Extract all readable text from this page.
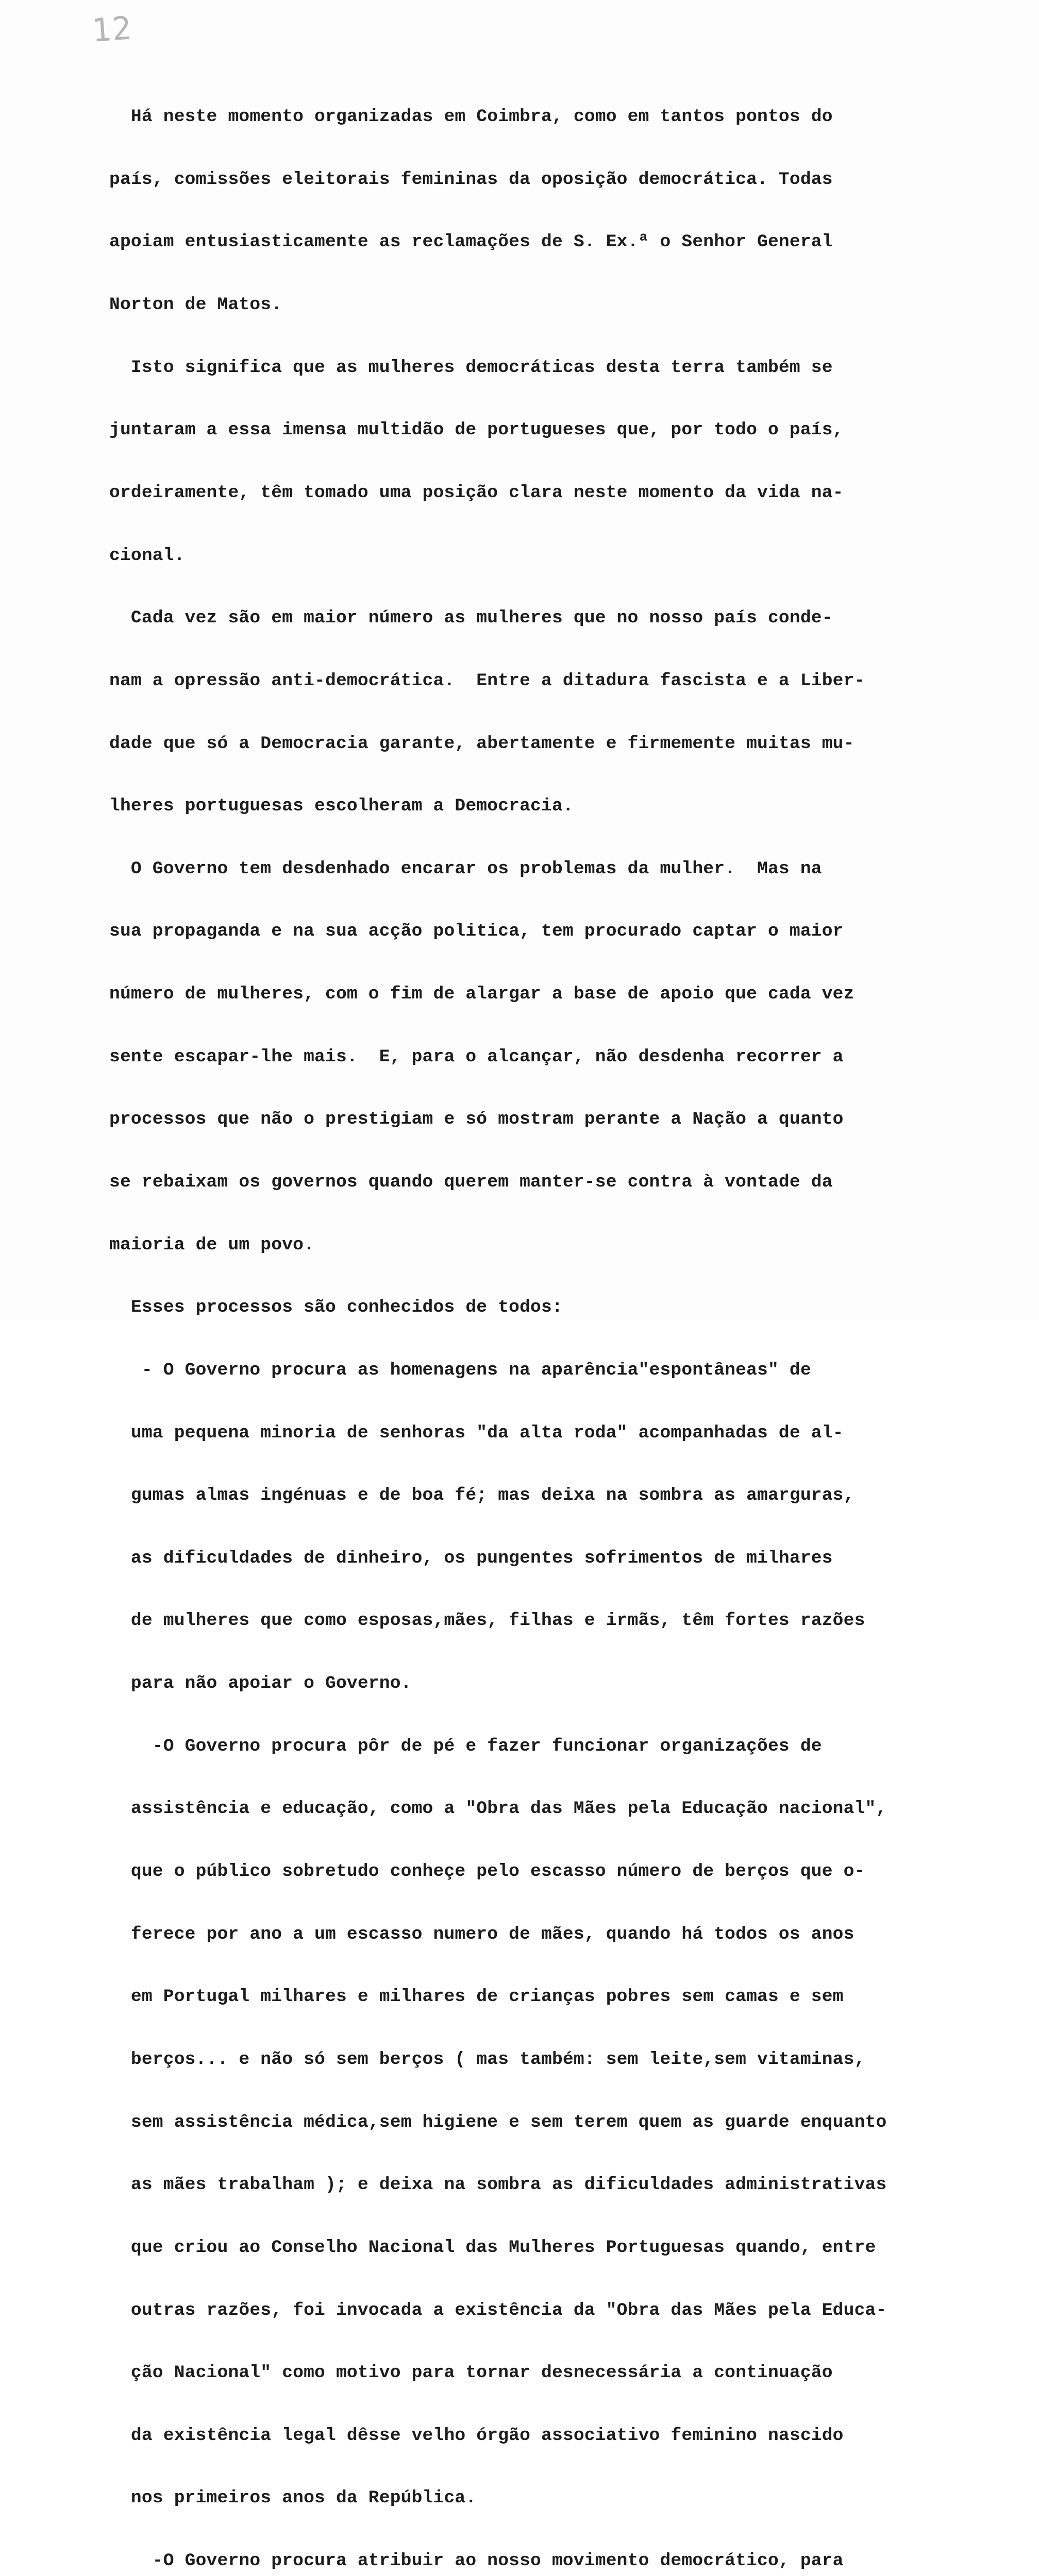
12

Há neste momento organizadas em Coimbra, como em tantos pontos do

país, comissões eleitorais femininas da oposição democrática. Todas

apoiam entusiasticamente as reclamações de S. Ex.ª o Senhor General

Norton de Matos.

Isto significa que as mulheres democráticas desta terra também se

juntaram a essa imensa multidão de portugueses que, por todo o país,

ordeiramente, têm tomado uma posição clara neste momento da vida na-

cional.

Cada vez são em maior número as mulheres que no nosso país conde-

nam a opressão anti-democrática.  Entre a ditadura fascista e a Liber-

dade que só a Democracia garante, abertamente e firmemente muitas mu-

lheres portuguesas escolheram a Democracia.

O Governo tem desdenhado encarar os problemas da mulher.  Mas na

sua propaganda e na sua acção politica, tem procurado captar o maior

número de mulheres, com o fim de alargar a base de apoio que cada vez

sente escapar-lhe mais.  E, para o alcançar, não desdenha recorrer a

processos que não o prestigiam e só mostram perante a Nação a quanto

se rebaixam os governos quando querem manter-se contra à vontade da

maioria de um povo.

Esses processos são conhecidos de todos:

- O Governo procura as homenagens na aparência"espontâneas" de

uma pequena minoria de senhoras "da alta roda" acompanhadas de al-

gumas almas ingénuas e de boa fé; mas deixa na sombra as amarguras,

as dificuldades de dinheiro, os pungentes sofrimentos de milhares

de mulheres que como esposas,mães, filhas e irmãs, têm fortes razões

para não apoiar o Governo.

-O Governo procura pôr de pé e fazer funcionar organizações de

assistência e educação, como a "Obra das Mães pela Educação nacional",

que o público sobretudo conheçe pelo escasso número de berços que o-

ferece por ano a um escasso numero de mães, quando há todos os anos

em Portugal milhares e milhares de crianças pobres sem camas e sem

berços... e não só sem berços ( mas também: sem leite,sem vitaminas,

sem assistência médica,sem higiene e sem terem quem as guarde enquanto

as mães trabalham ); e deixa na sombra as dificuldades administrativas

que criou ao Conselho Nacional das Mulheres Portuguesas quando, entre

outras razões, foi invocada a existência da "Obra das Mães pela Educa-

ção Nacional" como motivo para tornar desnecessária a continuação

da existência legal dêsse velho órgão associativo feminino nascido

nos primeiros anos da República.

-O Governo procura atribuir ao nosso movimento democrático, para
